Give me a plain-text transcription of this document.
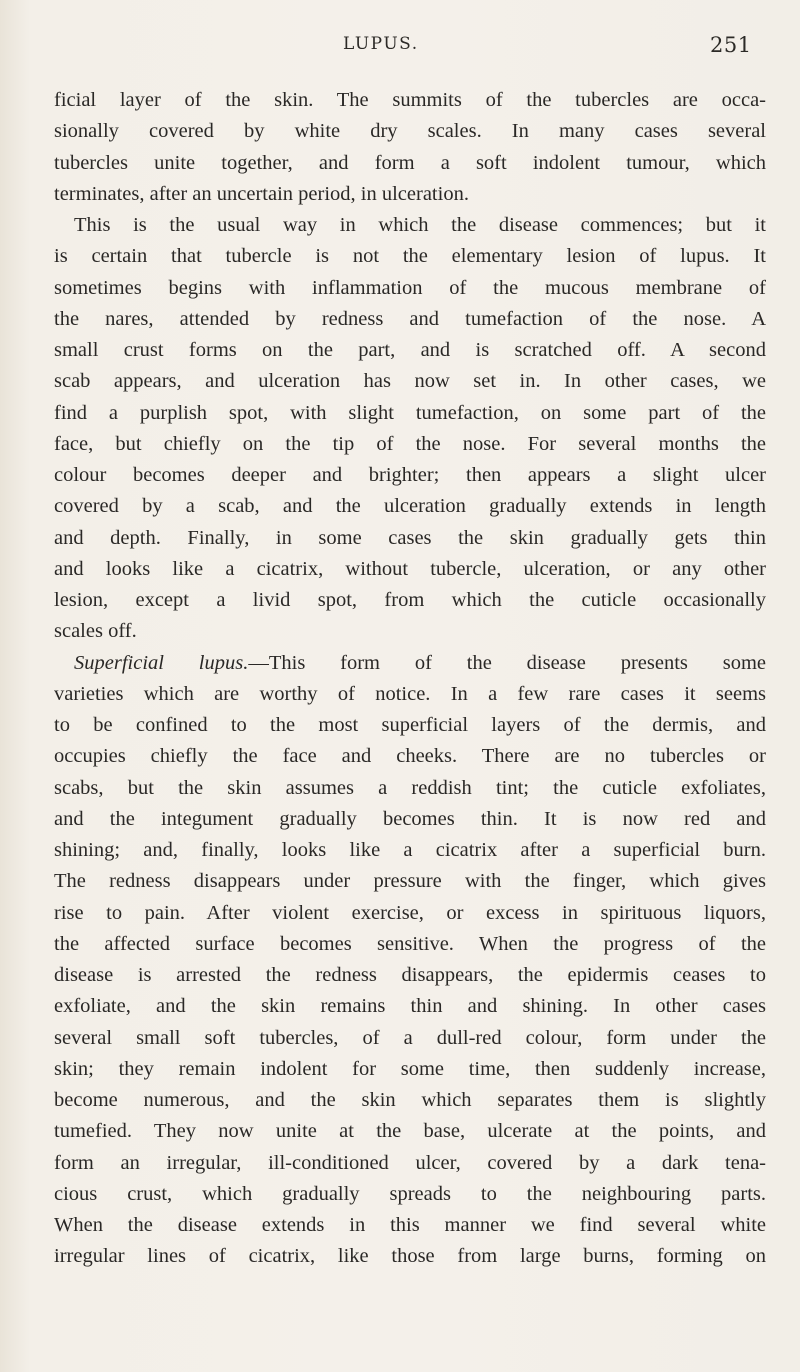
LUPUS.	251
ficial layer of the skin. The summits of the tubercles are occa-
sionally covered by white dry scales. In many cases several
tubercles unite together, and form a soft indolent tumour, which
terminates, after an uncertain period, in ulceration.
This is the usual way in which the disease commences; but it
is certain that tubercle is not the elementary lesion of lupus. It
sometimes begins with inflammation of the mucous membrane of
the nares, attended by redness and tumefaction of the nose. A
small crust forms on the part, and is scratched off. A second
scab appears, and ulceration has now set in. In other cases, we
find a purplish spot, with slight tumefaction, on some part of the
face, but chiefly on the tip of the nose. For several months the
colour becomes deeper and brighter; then appears a slight ulcer
covered by a scab, and the ulceration gradually extends in length
and depth. Finally, in some cases the skin gradually gets thin
and looks like a cicatrix, without tubercle, ulceration, or any other
lesion, except a livid spot, from which the cuticle occasionally
scales off.
Superficial lupus.—This form of the disease presents some
varieties which are worthy of notice. In a few rare cases it seems
to be confined to the most superficial layers of the dermis, and
occupies chiefly the face and cheeks. There are no tubercles or
scabs, but the skin assumes a reddish tint; the cuticle exfoliates,
and the integument gradually becomes thin. It is now red and
shining; and, finally, looks like a cicatrix after a superficial burn.
The redness disappears under pressure with the finger, which gives
rise to pain. After violent exercise, or excess in spirituous liquors,
the affected surface becomes sensitive. When the progress of the
disease is arrested the redness disappears, the epidermis ceases to
exfoliate, and the skin remains thin and shining. In other cases
several small soft tubercles, of a dull-red colour, form under the
skin; they remain indolent for some time, then suddenly increase,
become numerous, and the skin which separates them is slightly
tumefied. They now unite at the base, ulcerate at the points, and
form an irregular, ill-conditioned ulcer, covered by a dark tena-
cious crust, which gradually spreads to the neighbouring parts.
When the disease extends in this manner we find several white
irregular lines of cicatrix, like those from large burns, forming on
